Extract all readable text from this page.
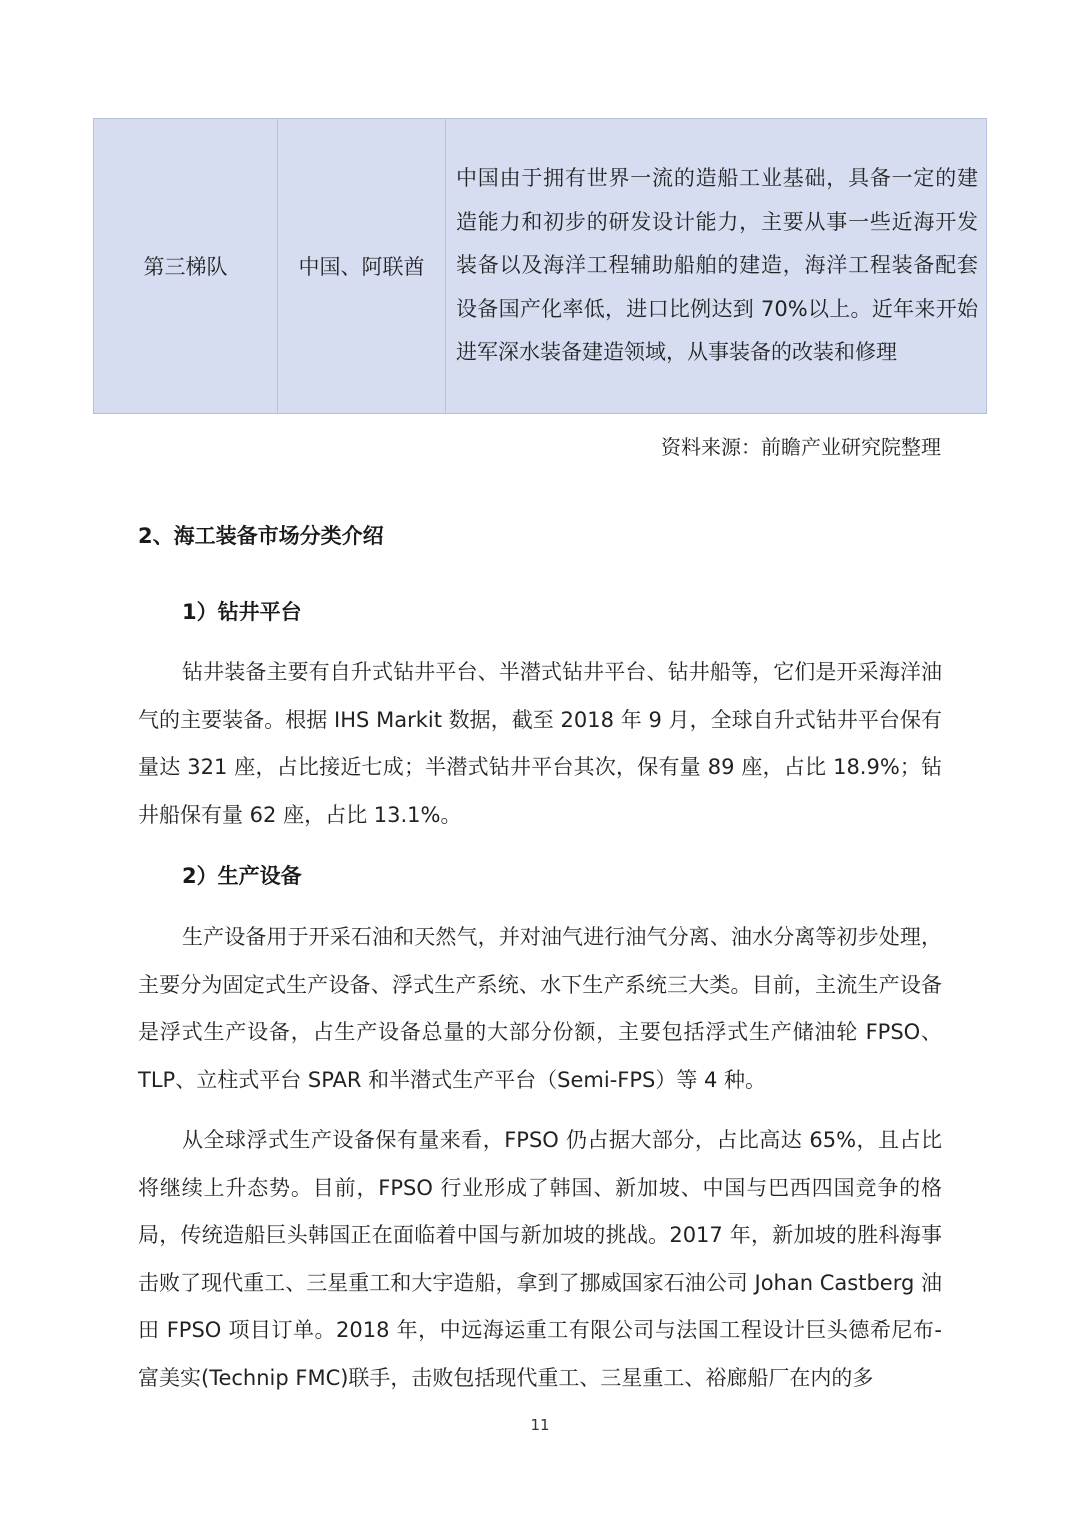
第三梯队	中国、阿联酋	中国由于拥有世界一流的造船工业基础，具备一定的建造能力和初步的研发设计能力，主要从事一些近海开发装备以及海洋工程辅助船舶的建造，海洋工程装备配套设备国产化率低，进口比例达到 70%以上。近年来开始进军深水装备建造领域，从事装备的改装和修理

资料来源：前瞻产业研究院整理

2、海工装备市场分类介绍
1）钻井平台

钻井装备主要有自升式钻井平台、半潜式钻井平台、钻井船等，它们是开采海洋油气的主要装备。根据 IHS Markit 数据，截至 2018 年 9 月，全球自升式钻井平台保有量达 321 座，占比接近七成；半潜式钻井平台其次，保有量 89 座，占比 18.9%；钻井船保有量 62 座，占比 13.1%。

2）生产设备

生产设备用于开采石油和天然气，并对油气进行油气分离、油水分离等初步处理，主要分为固定式生产设备、浮式生产系统、水下生产系统三大类。目前，主流生产设备是浮式生产设备，占生产设备总量的大部分份额，主要包括浮式生产储油轮 FPSO、TLP、立柱式平台 SPAR 和半潜式生产平台（Semi-FPS）等 4 种。

从全球浮式生产设备保有量来看，FPSO 仍占据大部分，占比高达 65%，且占比将继续上升态势。目前，FPSO 行业形成了韩国、新加坡、中国与巴西四国竞争的格局，传统造船巨头韩国正在面临着中国与新加坡的挑战。2017 年，新加坡的胜科海事击败了现代重工、三星重工和大宇造船，拿到了挪威国家石油公司 Johan Castberg 油田 FPSO 项目订单。2018 年，中远海运重工有限公司与法国工程设计巨头德希尼布-富美实(Technip FMC)联手，击败包括现代重工、三星重工、裕廊船厂在内的多

11
